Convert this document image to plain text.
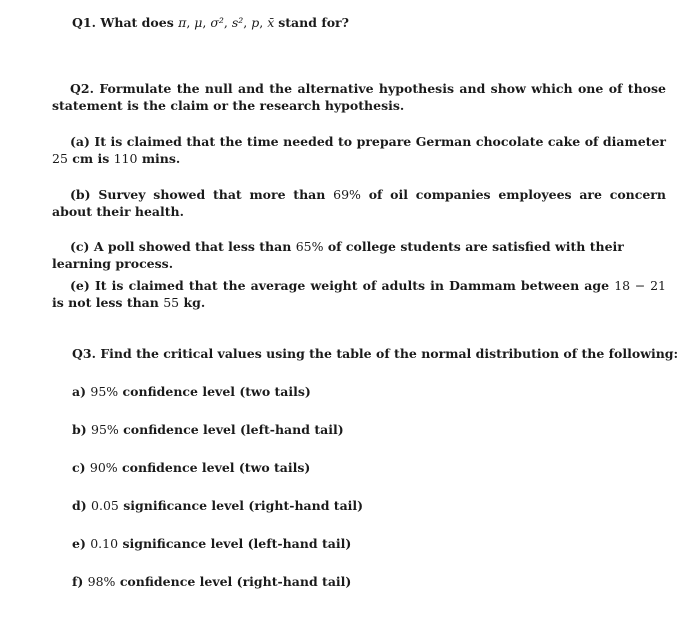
Q1. What does π, μ, σ², s², p, x̄ stand for?
Q2. Formulate the null and the alternative hypothesis and show which one of those statement is the claim or the research hypothesis.
(a) It is claimed that the time needed to prepare German chocolate cake of diameter 25 cm is 110 mins.
(b) Survey showed that more than 69% of oil companies employees are concern about their health.
(c) A poll showed that less than 65% of college students are satisfied with their learning process.
(e) It is claimed that the average weight of adults in Dammam between age 18 − 21 is not less than 55 kg.
Q3. Find the critical values using the table of the normal distribution of the following:
a) 95% confidence level (two tails)
b) 95% confidence level (left-hand tail)
c) 90% confidence level (two tails)
d) 0.05 significance level (right-hand tail)
e) 0.10 significance level (left-hand tail)
f) 98% confidence level (right-hand tail)
